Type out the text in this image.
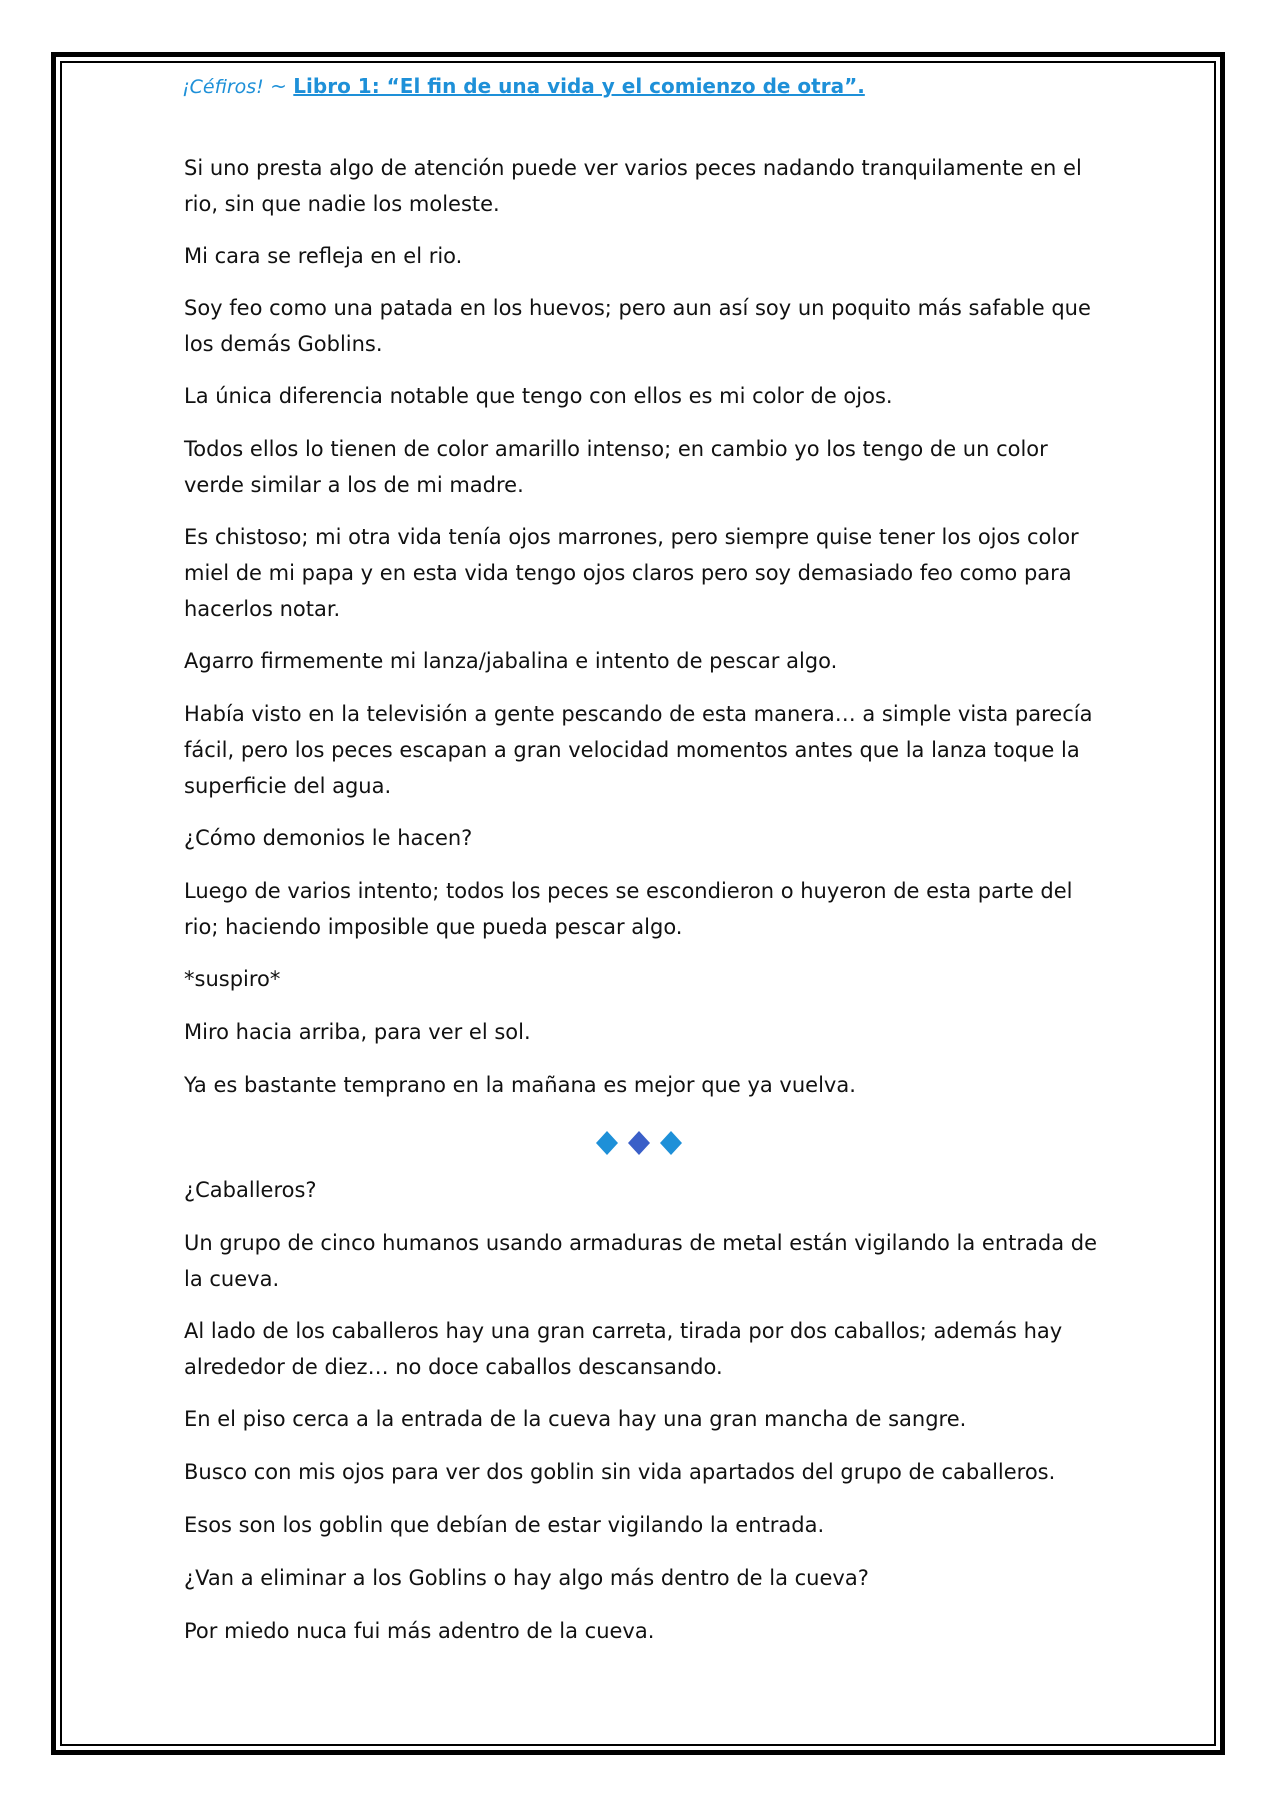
¡Céfiros! ~ Libro 1: “El fin de una vida y el comienzo de otra”.

Si uno presta algo de atención puede ver varios peces nadando tranquilamente en el rio, sin que nadie los moleste.

Mi cara se refleja en el rio.

Soy feo como una patada en los huevos; pero aun así soy un poquito más safable que los demás Goblins.

La única diferencia notable que tengo con ellos es mi color de ojos.

Todos ellos lo tienen de color amarillo intenso; en cambio yo los tengo de un color verde similar a los de mi madre.

Es chistoso; mi otra vida tenía ojos marrones, pero siempre quise tener los ojos color miel de mi papa y en esta vida tengo ojos claros pero soy demasiado feo como para hacerlos notar.

Agarro firmemente mi lanza/jabalina e intento de pescar algo.

Había visto en la televisión a gente pescando de esta manera… a simple vista parecía fácil, pero los peces escapan a gran velocidad momentos antes que la lanza toque la superficie del agua.

¿Cómo demonios le hacen?

Luego de varios intento; todos los peces se escondieron o huyeron de esta parte del rio; haciendo imposible que pueda pescar algo.

*suspiro*

Miro hacia arriba, para ver el sol.

Ya es bastante temprano en la mañana es mejor que ya vuelva.

¿Caballeros?

Un grupo de cinco humanos usando armaduras de metal están vigilando la entrada de la cueva.

Al lado de los caballeros hay una gran carreta, tirada por dos caballos; además hay alrededor de diez… no doce caballos descansando.

En el piso cerca a la entrada de la cueva hay una gran mancha de sangre.

Busco con mis ojos para ver dos goblin sin vida apartados del grupo de caballeros.

Esos son los goblin que debían de estar vigilando la entrada.

¿Van a eliminar a los Goblins o hay algo más dentro de la cueva?

Por miedo nuca fui más adentro de la cueva.
